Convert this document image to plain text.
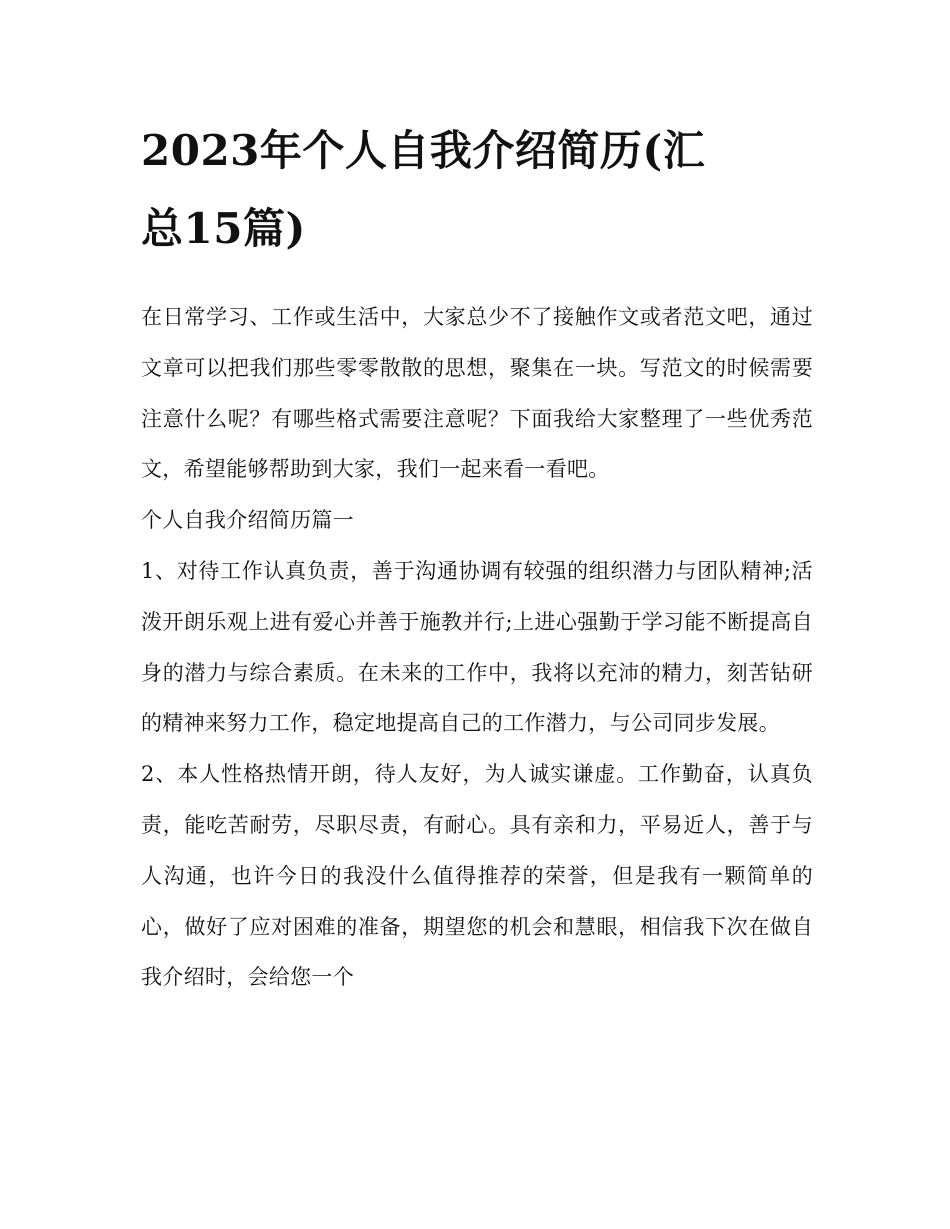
2023年个人自我介绍简历(汇
总15篇)

在日常学习、工作或生活中，大家总少不了接触作文或者范文吧，通过文章可以把我们那些零零散散的思想，聚集在一块。写范文的时候需要注意什么呢？有哪些格式需要注意呢？下面我给大家整理了一些优秀范文，希望能够帮助到大家，我们一起来看一看吧。

个人自我介绍简历篇一

1、对待工作认真负责，善于沟通协调有较强的组织潜力与团队精神;活泼开朗乐观上进有爱心并善于施教并行;上进心强勤于学习能不断提高自身的潜力与综合素质。在未来的工作中，我将以充沛的精力，刻苦钻研的精神来努力工作，稳定地提高自己的工作潜力，与公司同步发展。

2、本人性格热情开朗，待人友好，为人诚实谦虚。工作勤奋，认真负责，能吃苦耐劳，尽职尽责，有耐心。具有亲和力，平易近人，善于与人沟通，也许今日的我没什么值得推荐的荣誉，但是我有一颗简单的心，做好了应对困难的准备，期望您的机会和慧眼，相信我下次在做自我介绍时，会给您一个
